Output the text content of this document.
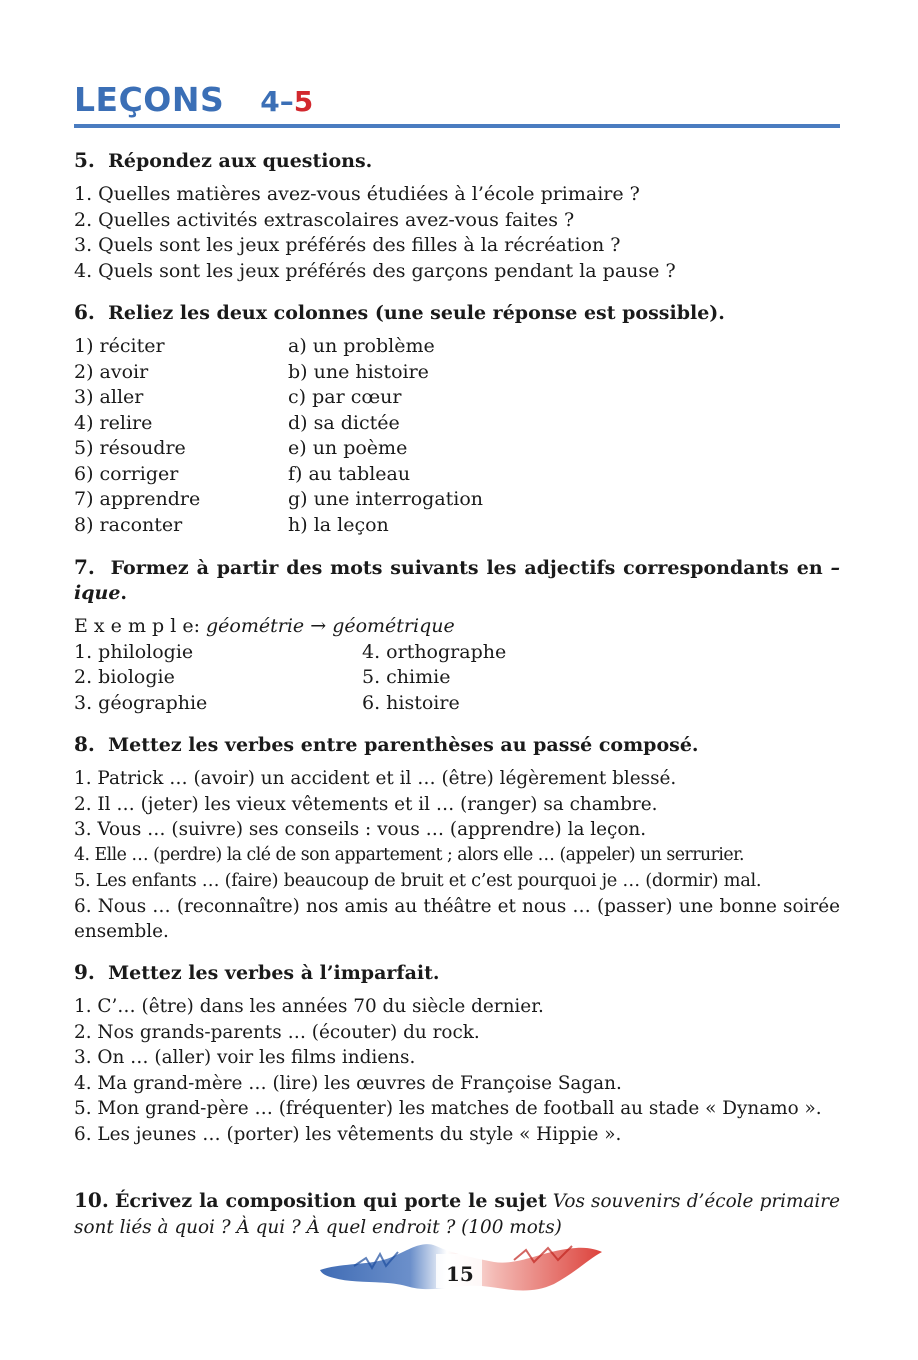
LEÇONS 4–5
5. Répondez aux questions.
1. Quelles matières avez-vous étudiées à l’école primaire ?
2. Quelles activités extrascolaires avez-vous faites ?
3. Quels sont les jeux préférés des filles à la récréation ?
4. Quels sont les jeux préférés des garçons pendant la pause ?
6. Reliez les deux colonnes (une seule réponse est possible).
1) réciter	a) un problème
2) avoir	b) une histoire
3) aller	c) par cœur
4) relire	d) sa dictée
5) résoudre	e) un poème
6) corriger	f) au tableau
7) apprendre	g) une interrogation
8) raconter	h) la leçon
7. Formez à partir des mots suivants les adjectifs correspondants en –ique.
E x e m p l e: géométrie → géométrique
1. philologie	4. orthographe
2. biologie	5. chimie
3. géographie	6. histoire
8. Mettez les verbes entre parenthèses au passé composé.
1. Patrick … (avoir) un accident et il … (être) légèrement blessé.
2. Il … (jeter) les vieux vêtements et il … (ranger) sa chambre.
3. Vous … (suivre) ses conseils : vous … (apprendre) la leçon.
4. Elle … (perdre) la clé de son appartement ; alors elle … (appeler) un serrurier.
5. Les enfants … (faire) beaucoup de bruit et c’est pourquoi je … (dormir) mal.
6. Nous … (reconnaître) nos amis au théâtre et nous … (passer) une bonne soirée ensemble.
9. Mettez les verbes à l’imparfait.
1. C’… (être) dans les années 70 du siècle dernier.
2. Nos grands-parents … (écouter) du rock.
3. On … (aller) voir les films indiens.
4. Ma grand-mère … (lire) les œuvres de Françoise Sagan.
5. Mon grand-père … (fréquenter) les matches de football au stade « Dynamo ».
6. Les jeunes … (porter) les vêtements du style « Hippie ».
10. Écrivez la composition qui porte le sujet Vos souvenirs d’école primaire sont liés à quoi ? À qui ? À quel endroit ? (100 mots)
15
